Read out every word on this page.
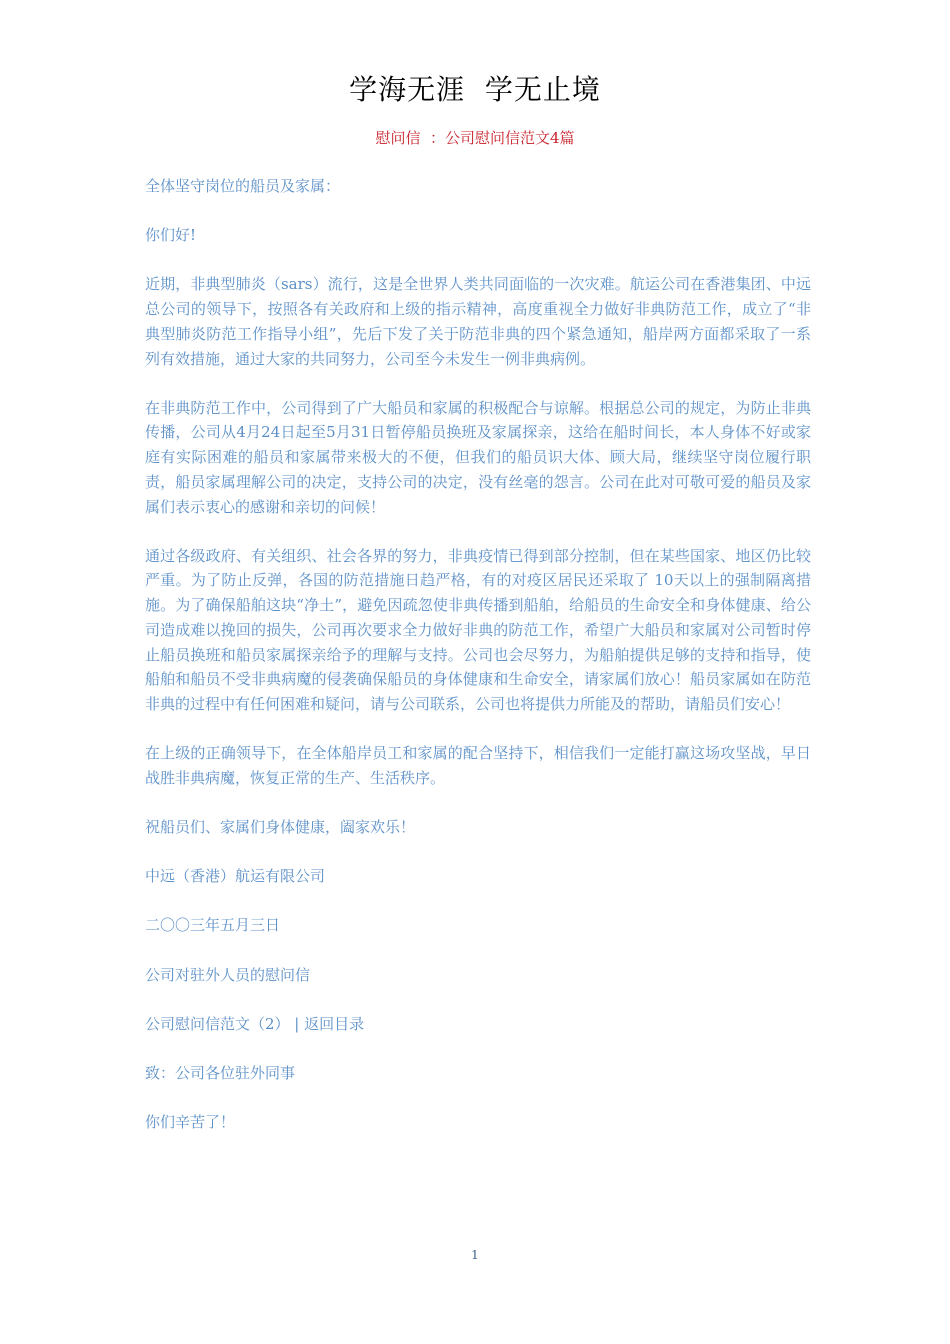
学海无涯  学无止境
慰问信  ：公司慰问信范文4篇

全体坚守岗位的船员及家属：

你们好!

近期，非典型肺炎（sars）流行，这是全世界人类共同面临的一次灾难。航运公司在香港集团、中远总公司的领导下，按照各有关政府和上级的指示精神，高度重视全力做好非典防范工作，成立了“非典型肺炎防范工作指导小组”，先后下发了关于防范非典的四个紧急通知，船岸两方面都采取了一系列有效措施，通过大家的共同努力，公司至今未发生一例非典病例。

在非典防范工作中，公司得到了广大船员和家属的积极配合与谅解。根据总公司的规定，为防止非典传播，公司从4月24日起至5月31日暂停船员换班及家属探亲，这给在船时间长，本人身体不好或家庭有实际困难的船员和家属带来极大的不便，但我们的船员识大体、顾大局，继续坚守岗位履行职责，船员家属理解公司的决定，支持公司的决定，没有丝毫的怨言。公司在此对可敬可爱的船员及家属们表示衷心的感谢和亲切的问候！

通过各级政府、有关组织、社会各界的努力，非典疫情已得到部分控制，但在某些国家、地区仍比较严重。为了防止反弹，各国的防范措施日趋严格，有的对疫区居民还采取了 10天以上的强制隔离措施。为了确保船舶这块“净土”，避免因疏忽使非典传播到船舶，给船员的生命安全和身体健康、给公司造成难以挽回的损失，公司再次要求全力做好非典的防范工作，希望广大船员和家属对公司暂时停止船员换班和船员家属探亲给予的理解与支持。公司也会尽努力，为船舶提供足够的支持和指导，使船舶和船员不受非典病魔的侵袭确保船员的身体健康和生命安全，请家属们放心！船员家属如在防范非典的过程中有任何困难和疑问，请与公司联系，公司也将提供力所能及的帮助，请船员们安心！

在上级的正确领导下，在全体船岸员工和家属的配合坚持下，相信我们一定能打赢这场攻坚战，早日战胜非典病魔，恢复正常的生产、生活秩序。

祝船员们、家属们身体健康，阖家欢乐！

中远（香港）航运有限公司

二〇〇三年五月三日

公司对驻外人员的慰问信

公司慰问信范文（2） | 返回目录

致：公司各位驻外同事

你们辛苦了！

1
